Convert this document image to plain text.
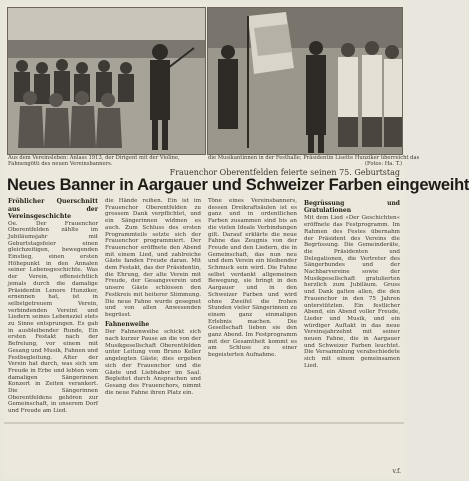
Aus dem Vereinsleben: Anlass 1913, der Dirigent mit der Violine,
Fahnengötti des neuen Vereinsbanners.
die Musikantinnen in der Festhalle; Präsidentin Lisette Hunziker überreicht das
(Fotos: Ha. T.)
Frauenchor Oberentfelden feierte seinen 75. Geburtstag
Neues Banner in Aargauer und Schweizer Farben eingeweiht
Fröhlicher Querschnitt aus der Vereinsgeschichte
Oe. Der Frauenchor Oberentfelden zählte im Jubiläumsjahr mit Geburtstagsfeier einen gleichzeitigen, bewegenden Einstieg, einen ersten Höhepunkt in den Annalen seiner Lebensgeschichte. Was der Verein, offensichtlich jemals durch die damalige Präsidentin Lenore Hunziker, ernennen hat, ist in selbstgetreuem Verein, verbindenden Vereint und Liedern seines Lebensziel stets zu Sinne entsprungen. Es gab in ausbleibender Runde, Ein ersten Festakt nach der Befreiung, vor einem mit Gesang und Musik, Fahnen und Festbegleitung. Alter der Verein hat durch, was sich um Freude in Erbe und lebten vom damaligen Sängerinnen Konzert in Zeiten verankert. Die Sängerinnen Oberentfeldens gehören zur Gemeinschaft, in unserem Dorf und Freude am Lied.
die Hände reihen. Ein ist im Frauenchor Oberentfelden zu grossem Dank verpflichtet, und ein Sängerinnen widmen es auch. Zum Schluss des ersten Programmteils setzte sich der Frauenchor programmiert. Der Frauenchor eröffnete den Abend mit einem Lied, und zahlreiche Gäste fanden Freude daran. Mit dem Festakt, das der Präsidentin, die Ehrung, der alte Verein mit Freude, der Gesangsverein und unsere Gäste schlossen den Festkreis mit heiterer Stimmung. Die neue Fahne wurde gesegnet und von allen Anwesenden begrüsst.
Fahnenweihe
Der Fahnenweihe schickt sich nach kurzer Pause an die von der Musikgesellschaft Oberentfelden unter Leitung vom Bruno Keller angelegten Gäste; dies ergeben sich der Frauenchor und die Gäste und Liebhaber im Saal. Begleitet durch Ansprachen und Gesang des Frauenchors, nimmt die neue Fahne ihren Platz ein.
Töne eines Vereinsbanners, dessen Dreikraftsäulen ist es ganz und in ordentlichen Farben zusammen sind bis an die vielen Ideale Verbindungen gilt. Darauf erklärte die neue Fahne das Zeugnis von der Freude und den Liedern, die in Gemeinschaft, das nun neu und dem Verein ein bleibender Schmuck sein wird. Die Fahne selbst verdankt allgemeinen Bewegung, sie bringt in den Aargauer und in den Schweizer Farben und wird ohne Zweifel die frohen Stunden vieler Sängerinnen zu einem ganz einmaligen Erlebnis machen. Die Gesellschaft lieben sie den ganz Abend. Im Festprogramm mit der Gesamtheit kommt es am Schluss zu einer begeisterten Aufnahme.
Begrüssung und Gratulationen
Mit dem Lied »Der Geschichten« eröffnete das Festprogramm. Im Rahmen des Festes übernahm der Präsident des Vereins die Begrüssung. Die Gemeinderäte, die Präsidenten und Delegationen, die Vertreter des Sängerbundes und der Nachbarvereine sowie der Musikgesellschaft gratulierten herzlich zum Jubiläum. Gruss und Dank galten allen, die den Frauenchor in den 75 Jahren unterstützten. Ein festlicher Abend, ein Abend voller Freude, Lieder und Musik, und ein würdiger Auftakt in das neue Vereinsjahrzehnt mit seiner neuen Fahne, die in Aargauer und Schweizer Farben leuchtet. Die Versammlung verabschiedete sich mit einem gemeinsamen Lied.
v.f.
